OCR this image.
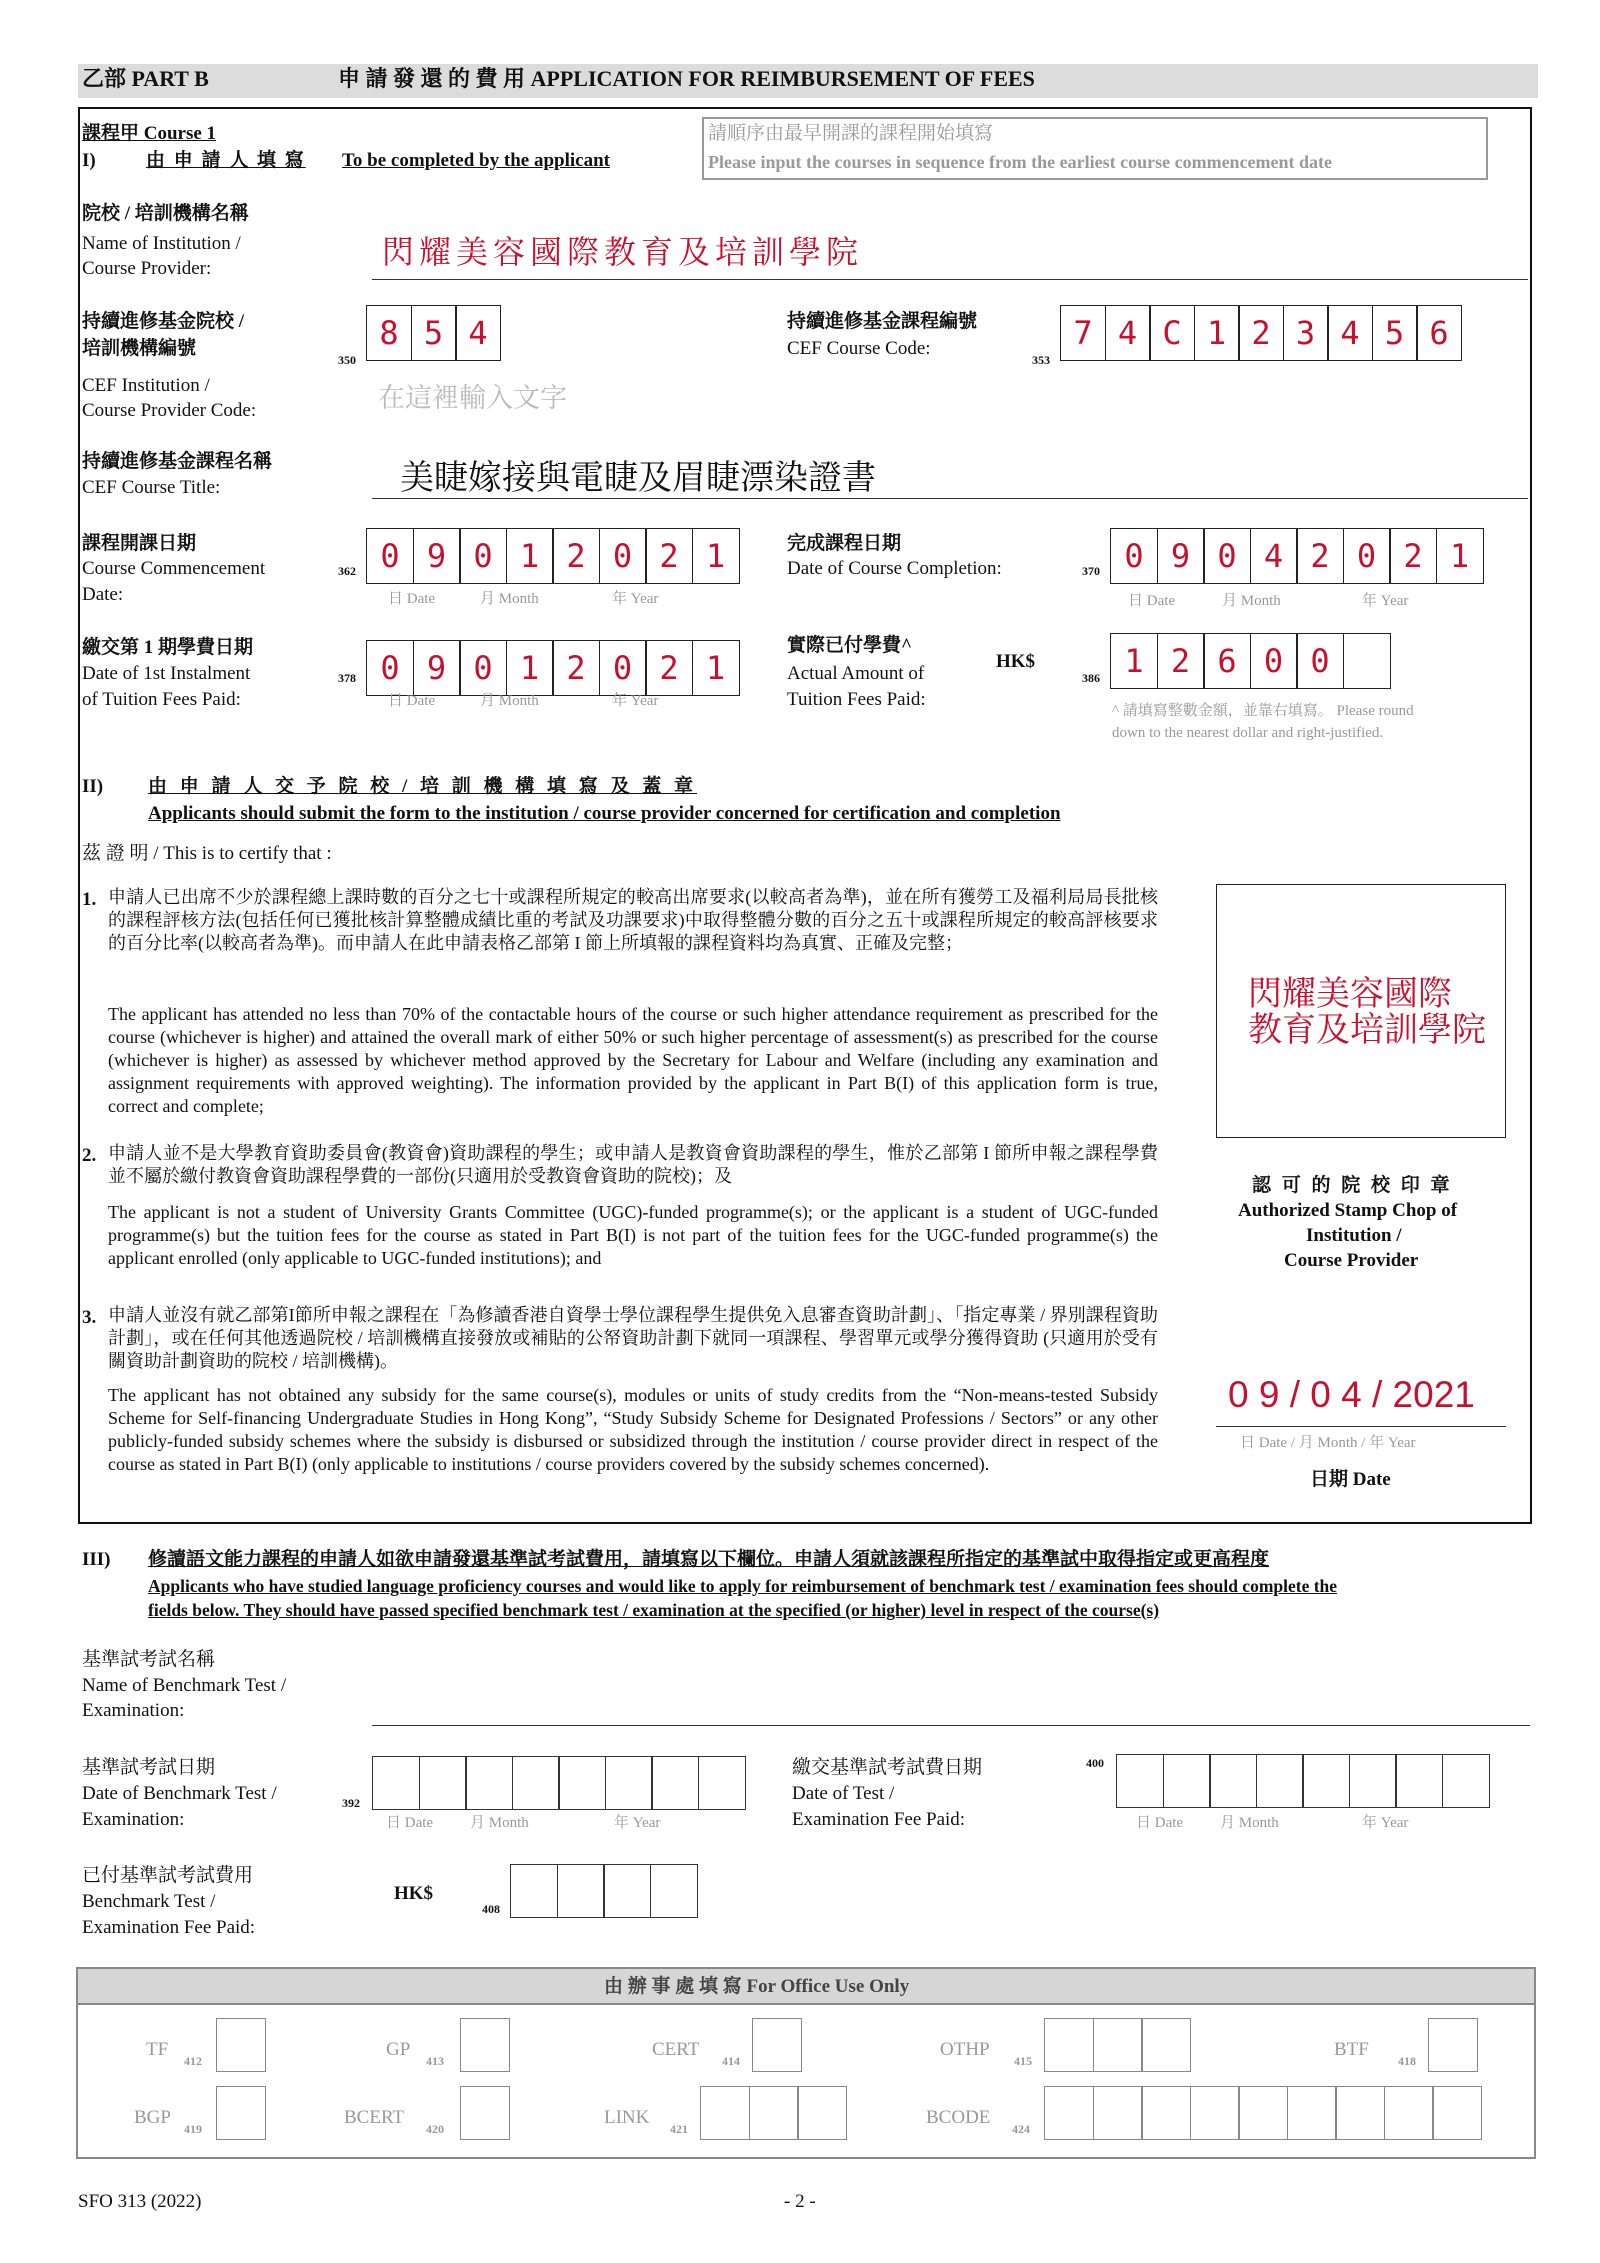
乙部 PART B	申 請 發 還 的 費 用 APPLICATION FOR REIMBURSEMENT OF FEES
課程甲 Course 1
I)	由 申 請 人 填 寫 To be completed by the applicant
請順序由最早開課的課程開始填寫
Please input the courses in sequence from the earliest course commencement date
院校 / 培訓機構名稱
Name of Institution /
Course Provider:	閃耀美容國際教育及培訓學院
持續進修基金院校 /
培訓機構編號
CEF Institution /
Course Provider Code:
350
8 5 4
在這裡輸入文字
持續進修基金課程編號
CEF Course Code:
353
7 4 C 1 2 3 4 5 6
持續進修基金課程名稱
CEF Course Title:	美睫嫁接與電睫及眉睫漂染證書
課程開課日期
Course Commencement
Date:
362 0 9 0 1 2 0 2 1
日 Date	月 Month	年 Year
完成課程日期
Date of Course Completion:	370 0 9 0 4 2 0 2 1
日 Date	月 Month	年 Year
繳交第 1 期學費日期
Date of 1st Instalment
of Tuition Fees Paid:
378 0 9 0 1 2 0 2 1
日 Date	月 Month	年 Year
實際已付學費^
Actual Amount of
Tuition Fees Paid:
HK$
386 1 2 6 0 0
^ 請填寫整數金額，並靠右填寫。 Please round
down to the nearest dollar and right-justified.
II) 由 申 請 人 交 予 院 校 / 培 訓 機 構 填 寫 及 蓋 章
Applicants should submit the form to the institution / course provider concerned for certification and completion
茲 證 明 / This is to certify that :
1. 申請人已出席不少於課程總上課時數的百分之七十或課程所規定的較高出席要求(以較高者為準)，並在所有獲勞工及福利局局長批核的課程評核方法(包括任何已獲批核計算整體成績比重的考試及功課要求)中取得整體分數的百分之五十或課程所規定的較高評核要求的百分比率(以較高者為準)。而申請人在此申請表格乙部第 I 節上所填報的課程資料均為真實、正確及完整；
The applicant has attended no less than 70% of the contactable hours of the course or such higher attendance requirement as prescribed for the course (whichever is higher) and attained the overall mark of either 50% or such higher percentage of assessment(s) as prescribed for the course (whichever is higher) as assessed by whichever method approved by the Secretary for Labour and Welfare (including any examination and assignment requirements with approved weighting). The information provided by the applicant in Part B(I) of this application form is true, correct and complete;
2. 申請人並不是大學教育資助委員會(教資會)資助課程的學生；或申請人是教資會資助課程的學生，惟於乙部第 I 節所申報之課程學費並不屬於繳付教資會資助課程學費的一部份(只適用於受教資會資助的院校)；及
The applicant is not a student of University Grants Committee (UGC)-funded programme(s); or the applicant is a student of UGC-funded programme(s) but the tuition fees for the course as stated in Part B(I) is not part of the tuition fees for the UGC-funded programme(s) the applicant enrolled (only applicable to UGC-funded institutions); and
3. 申請人並沒有就乙部第I節所申報之課程在「為修讀香港自資學士學位課程學生提供免入息審查資助計劃」、「指定專業 / 界別課程資助計劃」，或在任何其他透過院校 / 培訓機構直接發放或補貼的公帑資助計劃下就同一項課程、學習單元或學分獲得資助 (只適用於受有關資助計劃資助的院校 / 培訓機構)。
The applicant has not obtained any subsidy for the same course(s), modules or units of study credits from the “Non-means-tested Subsidy Scheme for Self-financing Undergraduate Studies in Hong Kong”, “Study Subsidy Scheme for Designated Professions / Sectors” or any other publicly-funded subsidy schemes where the subsidy is disbursed or subsidized through the institution / course provider direct in respect of the course as stated in Part B(I) (only applicable to institutions / course providers covered by the subsidy schemes concerned).
閃耀美容國際
教育及培訓學院
認 可 的 院 校 印 章
Authorized Stamp Chop of
Institution /
Course Provider
0 9 / 0 4 / 2021
日 Date / 月 Month / 年 Year
日期 Date
III) 修讀語文能力課程的申請人如欲申請發還基準試考試費用，請填寫以下欄位。申請人須就該課程所指定的基準試中取得指定或更高程度
Applicants who have studied language proficiency courses and would like to apply for reimbursement of benchmark test / examination fees should complete the
fields below. They should have passed specified benchmark test / examination at the specified (or higher) level in respect of the course(s)
基準試考試名稱
Name of Benchmark Test /
Examination:
基準試考試日期
Date of Benchmark Test /
Examination:
392
日 Date 月 Month	年 Year
繳交基準試考試費日期
Date of Test /
Examination Fee Paid:
400
日 Date 月 Month	年 Year
已付基準試考試費用
Benchmark Test /
Examination Fee Paid:
HK$
408
由 辦 事 處 填 寫 For Office Use Only
TF
412
GP
413
CERT
414
OTHP
415
BTF
418
BGP
419
BCERT
420
LINK
421
BCODE
424
SFO 313 (2022)	- 2 -
